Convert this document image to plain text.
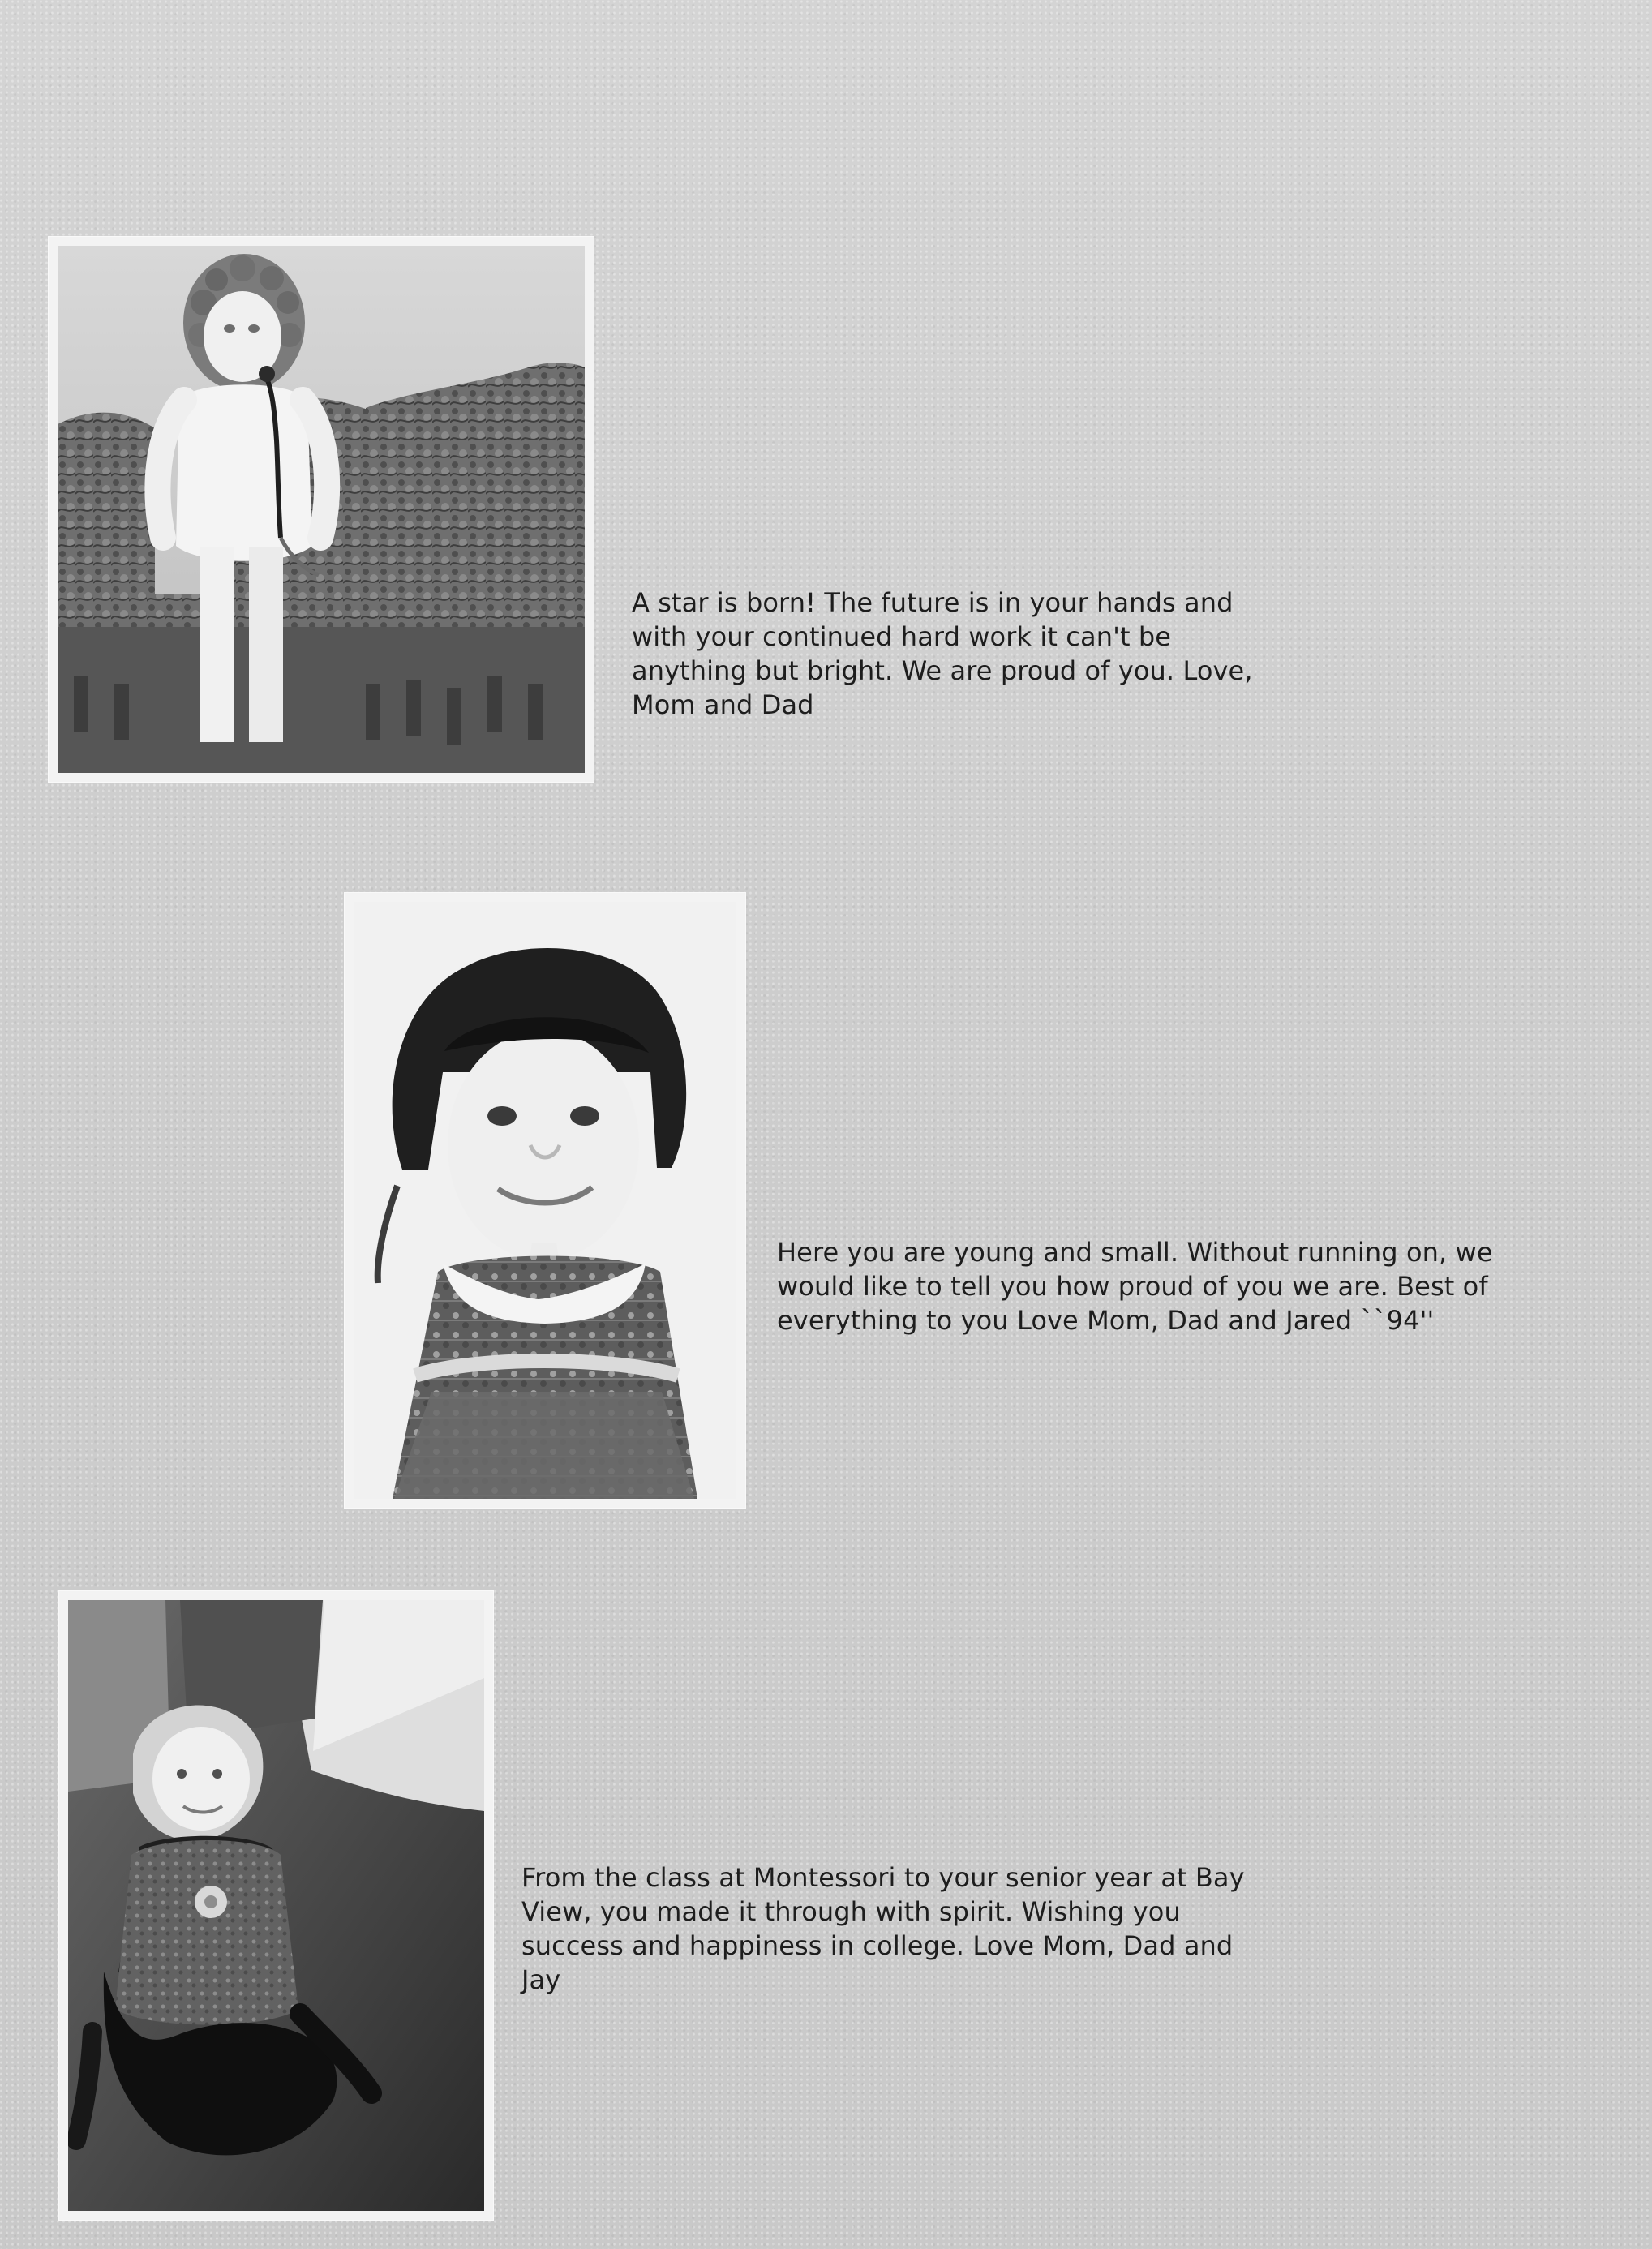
A star is born! The future is in your hands and
with your continued hard work it can't be
anything but bright. We are proud of you. Love,
Mom and Dad

Here you are young and small. Without running on, we
would like to tell you how proud of you we are. Best of
everything to you Love Mom, Dad and Jared ``94''

From the class at Montessori to your senior year at Bay
View, you made it through with spirit. Wishing you
success and happiness in college. Love Mom, Dad and
Jay
